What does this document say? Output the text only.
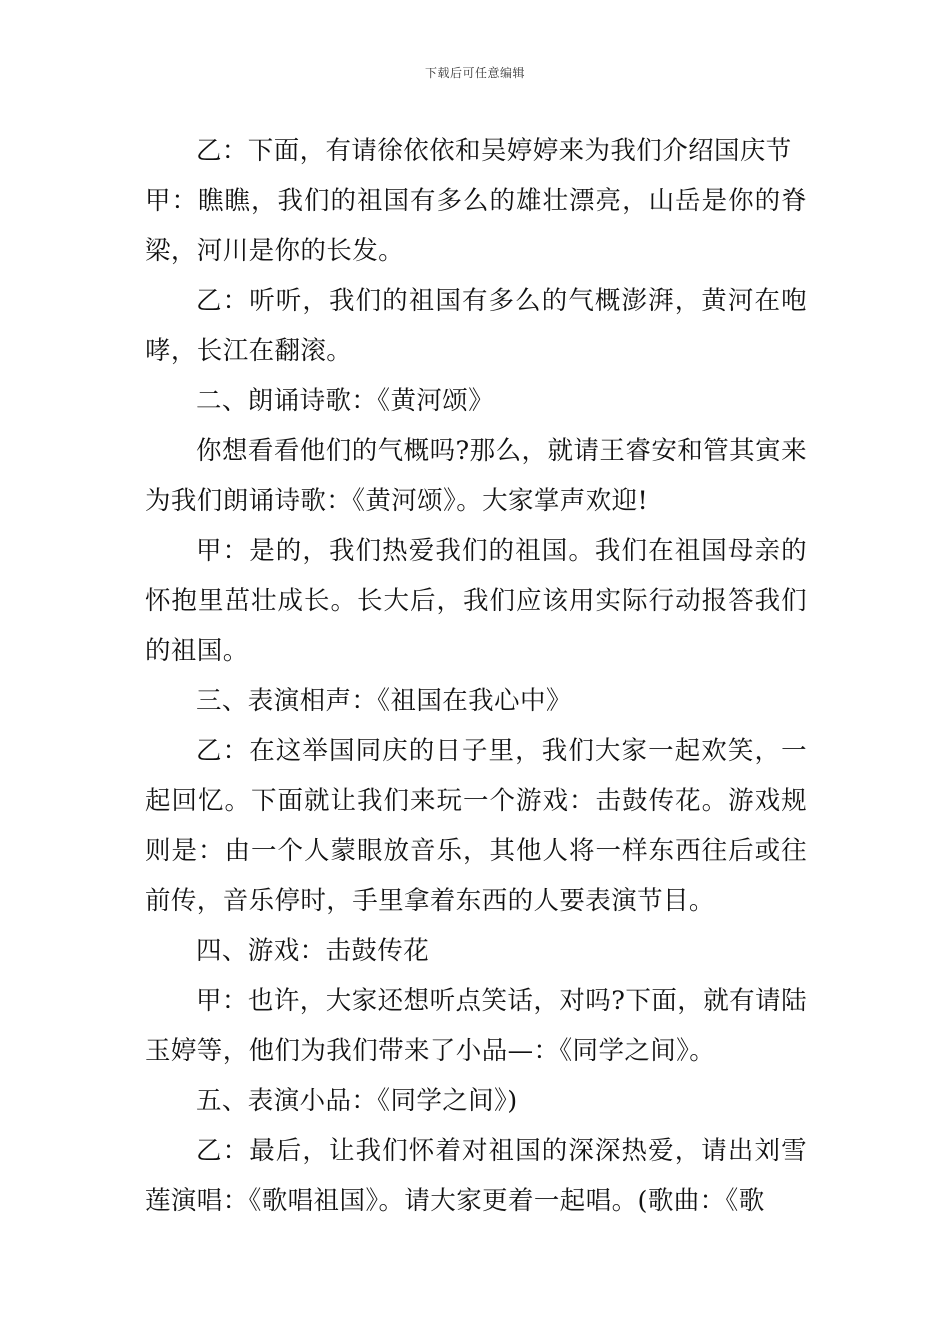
下载后可任意编辑

乙：下面，有请徐依依和吴婷婷来为我们介绍国庆节

甲：瞧瞧，我们的祖国有多么的雄壮漂亮，山岳是你的脊梁，河川是你的长发。

乙：听听，我们的祖国有多么的气概澎湃，黄河在咆哮，长江在翻滚。

二、朗诵诗歌：《黄河颂》

你想看看他们的气概吗?那么，就请王睿安和管其寅来为我们朗诵诗歌：《黄河颂》。大家掌声欢迎!

甲：是的，我们热爱我们的祖国。我们在祖国母亲的怀抱里茁壮成长。长大后，我们应该用实际行动报答我们的祖国。

三、表演相声：《祖国在我心中》

乙：在这举国同庆的日子里，我们大家一起欢笑，一起回忆。下面就让我们来玩一个游戏：击鼓传花。游戏规则是：由一个人蒙眼放音乐，其他人将一样东西往后或往前传，音乐停时，手里拿着东西的人要表演节目。

四、游戏：击鼓传花

甲：也许，大家还想听点笑话，对吗?下面，就有请陆玉婷等，他们为我们带来了小品—：《同学之间》。

五、表演小品：《同学之间》)

乙：最后，让我们怀着对祖国的深深热爱，请出刘雪莲演唱：《歌唱祖国》。请大家更着一起唱。(歌曲：《歌
